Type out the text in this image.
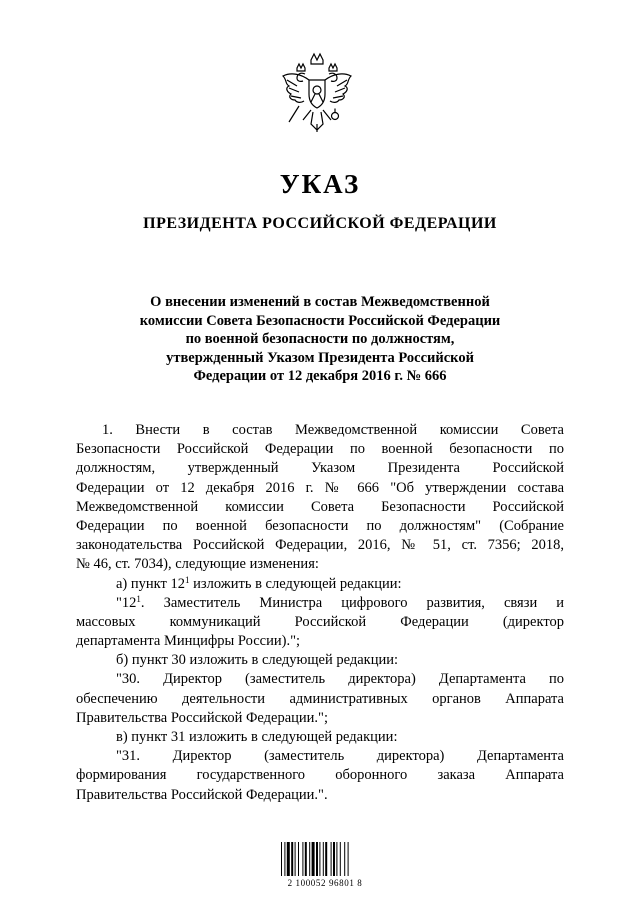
УКАЗ
ПРЕЗИДЕНТА РОССИЙСКОЙ ФЕДЕРАЦИИ
О внесении изменений в состав Межведомственной
комиссии Совета Безопасности Российской Федерации
по военной безопасности по должностям,
утвержденный Указом Президента Российской
Федерации от 12 декабря 2016 г. № 666
1. Внести в состав Межведомственной комиссии Совета
Безопасности Российской Федерации по военной безопасности по
должностям, утвержденный Указом Президента Российской
Федерации от 12 декабря 2016 г. № 666 "Об утверждении состава
Межведомственной комиссии Совета Безопасности Российской
Федерации по военной безопасности по должностям" (Собрание
законодательства Российской Федерации, 2016, № 51, ст. 7356; 2018,
№ 46, ст. 7034), следующие изменения:
а) пункт $12^1$ изложить в следующей редакции:
"$12^1$. Заместитель Министра цифрового развития, связи и
массовых коммуникаций Российской Федерации (директор
департамента Минцифры России).";
б) пункт 30 изложить в следующей редакции:
"30. Директор (заместитель директора) Департамента по
обеспечению деятельности административных органов Аппарата
Правительства Российской Федерации.";
в) пункт 31 изложить в следующей редакции:
"31. Директор (заместитель директора) Департамента
формирования государственного оборонного заказа Аппарата
Правительства Российской Федерации.".
2 100052 96801 8
